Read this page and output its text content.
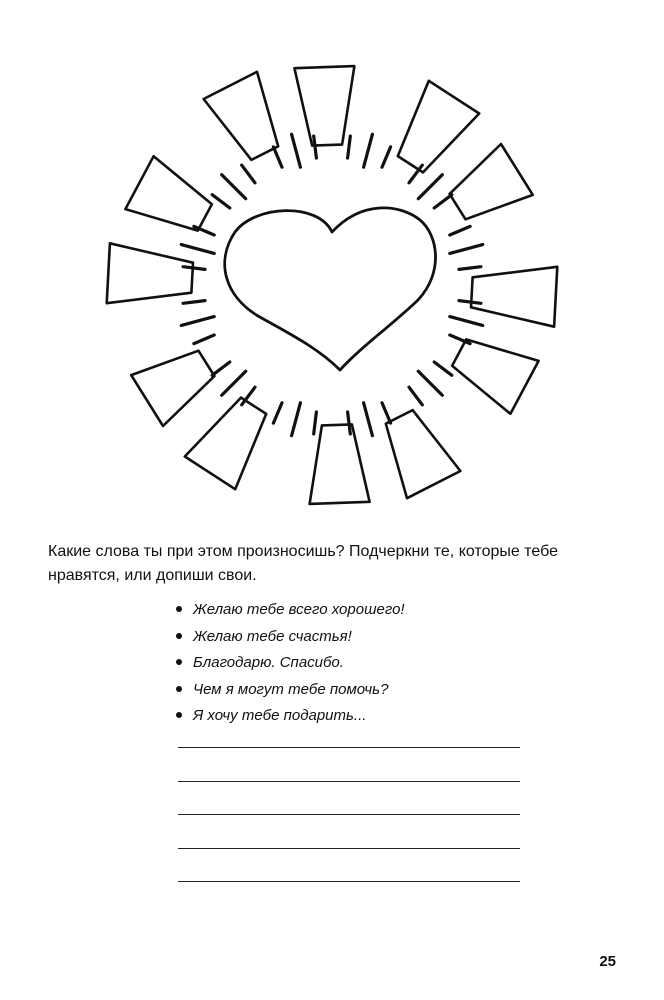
Какие слова ты при этом произносишь? Подчеркни те, которые тебе нравятся, или допиши свои.

Желаю тебе всего хорошего!
Желаю тебе счастья!
Благодарю. Спасибо.
Чем я могут тебе помочь?
Я хочу тебе подарить...
25
